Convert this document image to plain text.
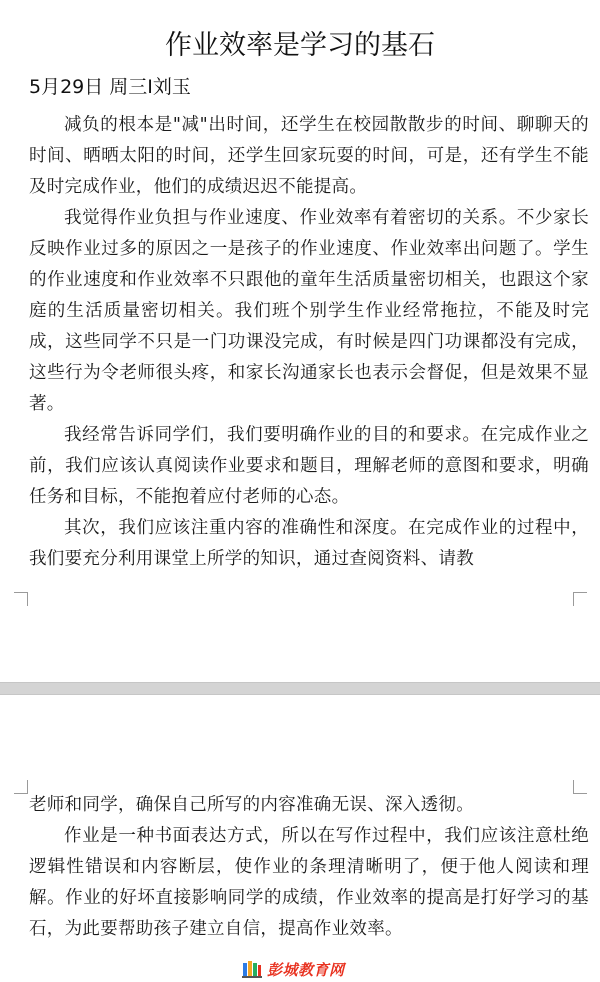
作业效率是学习的基石
5月29日 周三I刘玉

减负的根本是"减"出时间，还学生在校园散散步的时间、聊聊天的时间、晒晒太阳的时间，还学生回家玩耍的时间，可是，还有学生不能及时完成作业，他们的成绩迟迟不能提高。

我觉得作业负担与作业速度、作业效率有着密切的关系。不少家长反映作业过多的原因之一是孩子的作业速度、作业效率出问题了。学生的作业速度和作业效率不只跟他的童年生活质量密切相关，也跟这个家庭的生活质量密切相关。我们班个别学生作业经常拖拉，不能及时完成，这些同学不只是一门功课没完成，有时候是四门功课都没有完成，这些行为令老师很头疼，和家长沟通家长也表示会督促，但是效果不显著。

我经常告诉同学们，我们要明确作业的目的和要求。在完成作业之前，我们应该认真阅读作业要求和题目，理解老师的意图和要求，明确任务和目标，不能抱着应付老师的心态。

其次，我们应该注重内容的准确性和深度。在完成作业的过程中，我们要充分利用课堂上所学的知识，通过查阅资料、请教

老师和同学，确保自己所写的内容准确无误、深入透彻。

作业是一种书面表达方式，所以在写作过程中，我们应该注意杜绝逻辑性错误和内容断层，使作业的条理清晰明了，便于他人阅读和理解。作业的好坏直接影响同学的成绩，作业效率的提高是打好学习的基石，为此要帮助孩子建立自信，提高作业效率。

彭城教育网
